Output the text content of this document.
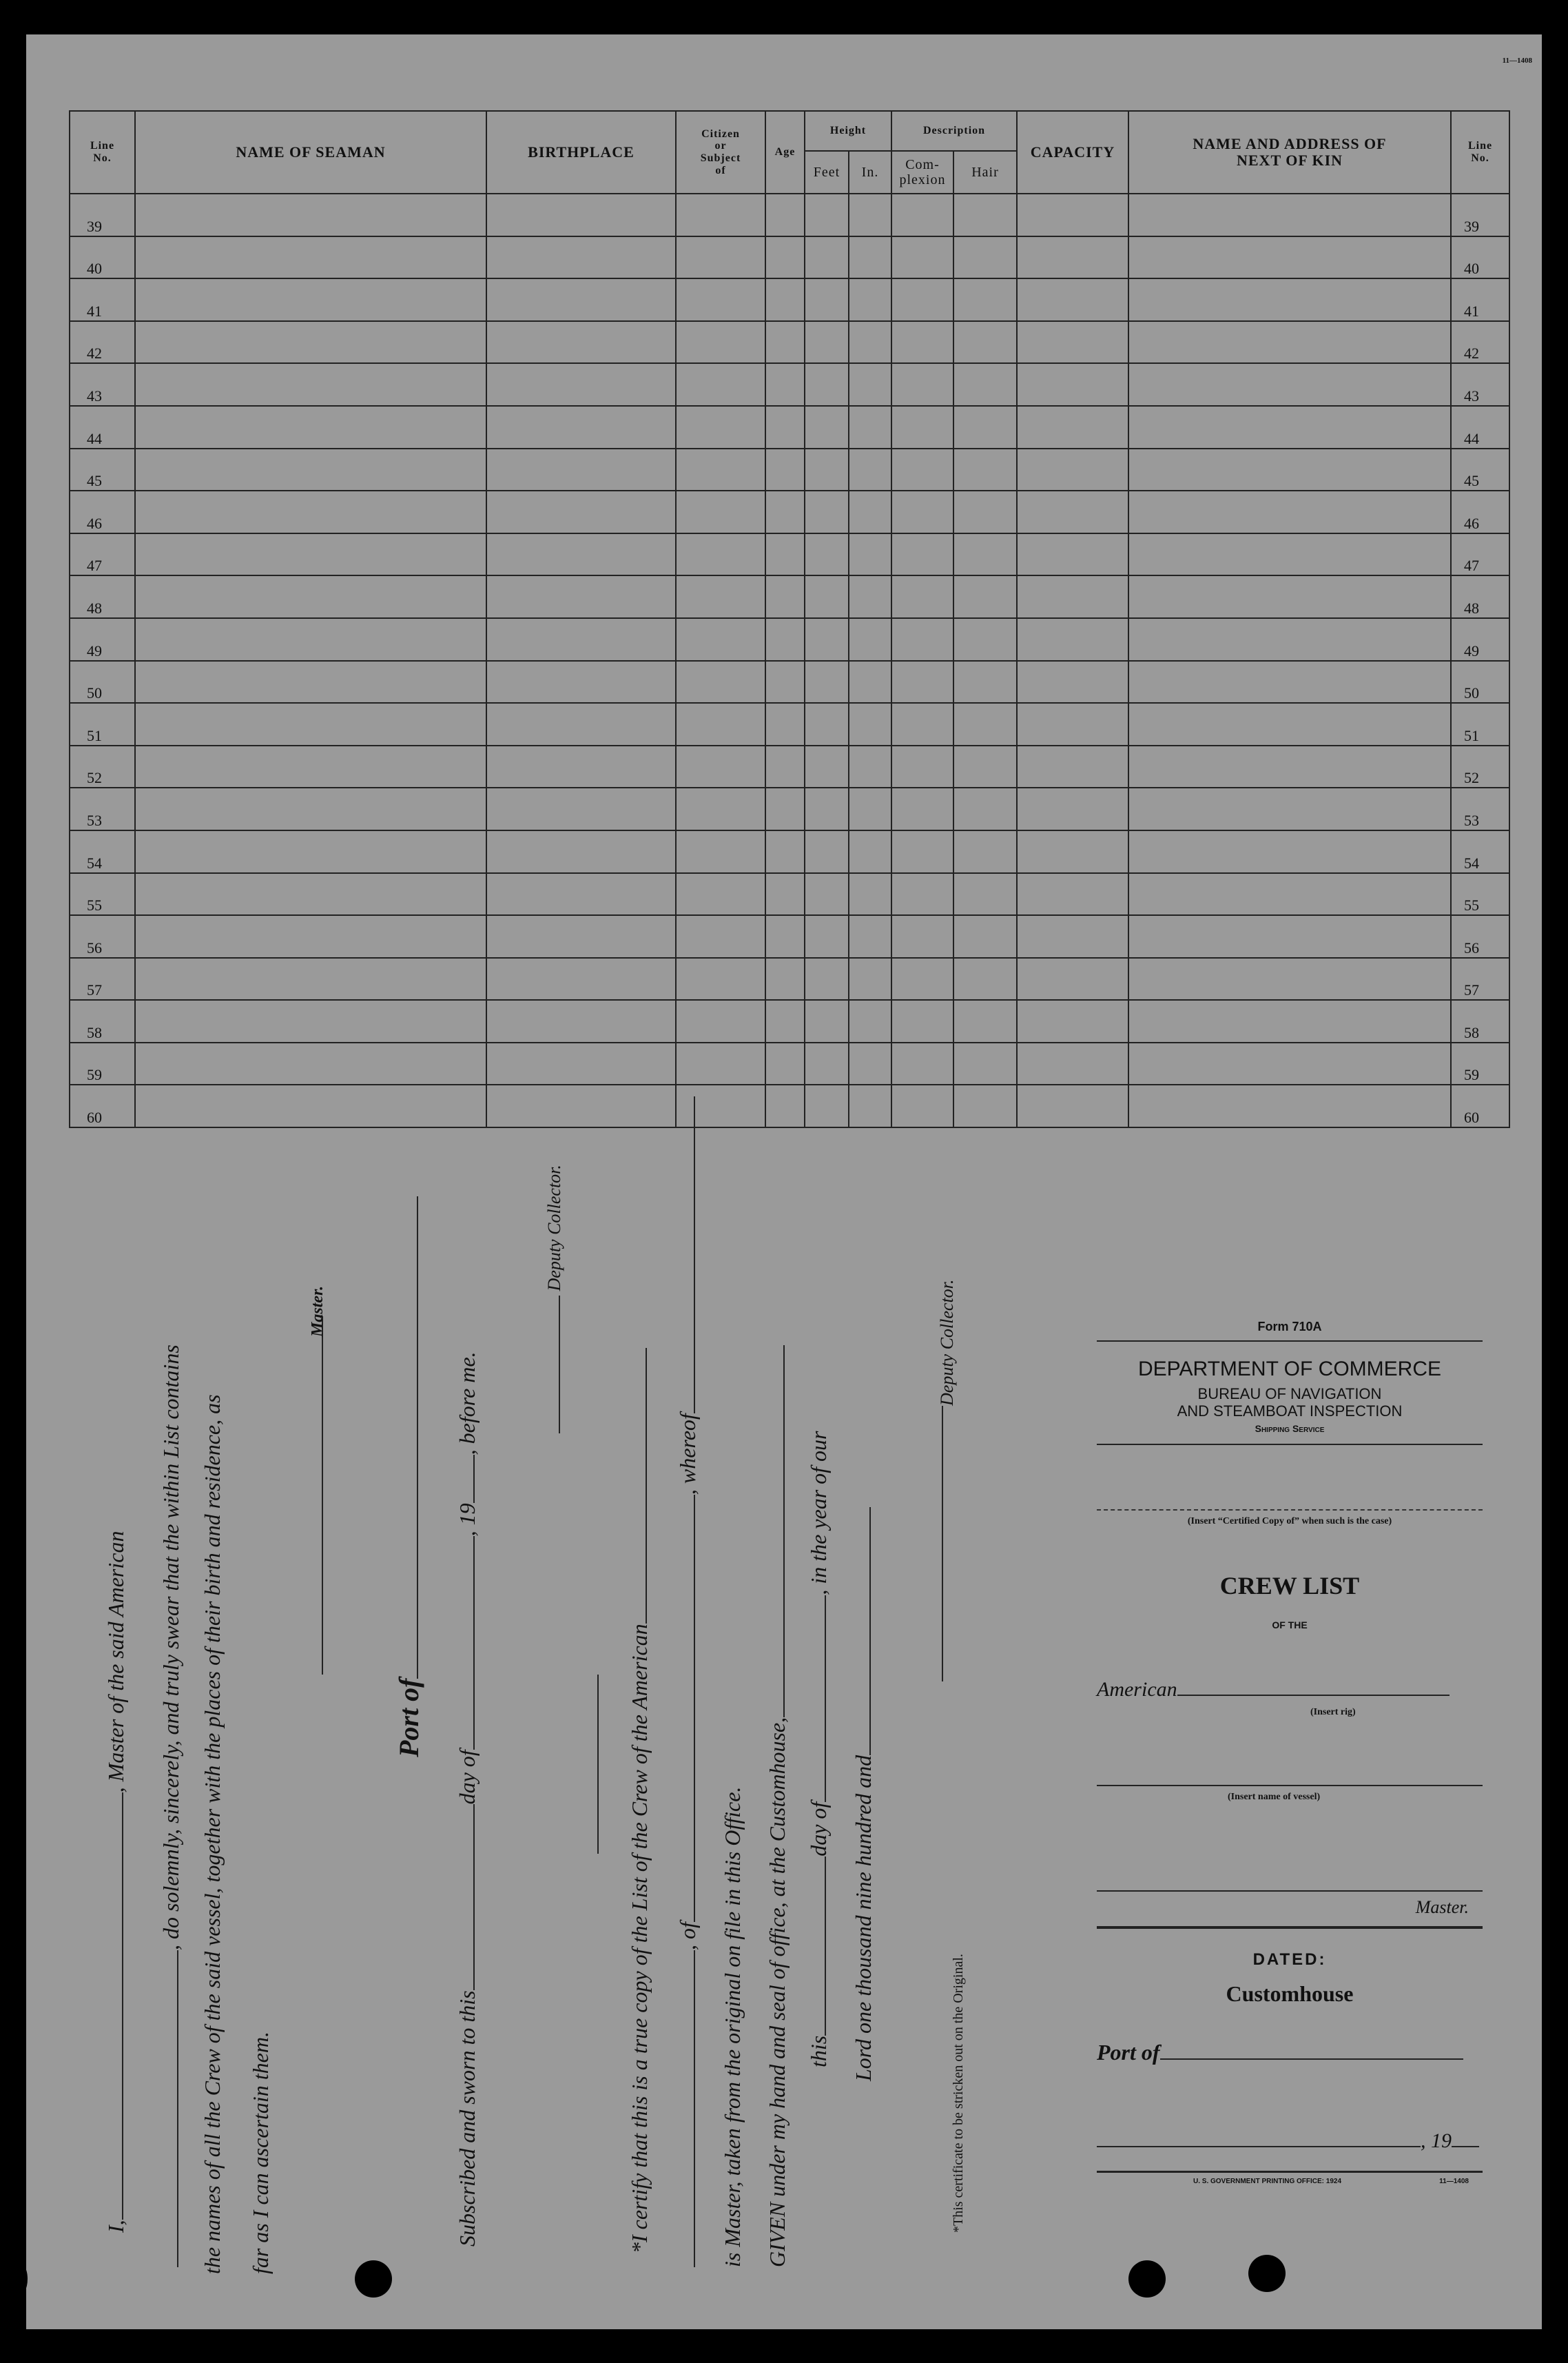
11—1408
Line
No.	NAME OF SEAMAN	BIRTHPLACE	Citizen
or
Subject
of	Age	Height		Description		CAPACITY	NAME AND ADDRESS OF
NEXT OF KIN	Line
No.
					Feet	In.	Com-
plexion	Hair			
39											39
40											40
41											41
42											42
43											43
44											44
45											45
46											46
47											47
48											48
49											49
50											50
51											51
52											52
53											53
54											54
55											55
56											56
57											57
58											58
59											59
60											60
I,, Master of the said American , do solemnly, sincerely, and truly swear that the within List contains the names of all the Crew of the said vessel, together with the places of their birth and residence, as far as I can ascertain them.
Master.
Port of
Subscribed and sworn to thisday of, 19, before me.
Deputy Collector.
*I certify that this is a true copy of the List of the Crew of the American , of, whereof
is Master, taken from the original on file in this Office. GIVEN under my hand and seal of office, at the Customhouse, thisday of, in the year of our
Lord one thousand nine hundred and
Deputy Collector.
*This certificate to be stricken out on the Original.
Form 710A
DEPARTMENT OF COMMERCE
BUREAU OF NAVIGATION
AND STEAMBOAT INSPECTION
Shipping Service
(Insert “Certified Copy of” when such is the case)
CREW LIST
OF THE
American
(Insert rig)
(Insert name of vessel)
Master.
DATED:
Customhouse
Port of
, 19
U. S. GOVERNMENT PRINTING OFFICE: 1924	11—1408
